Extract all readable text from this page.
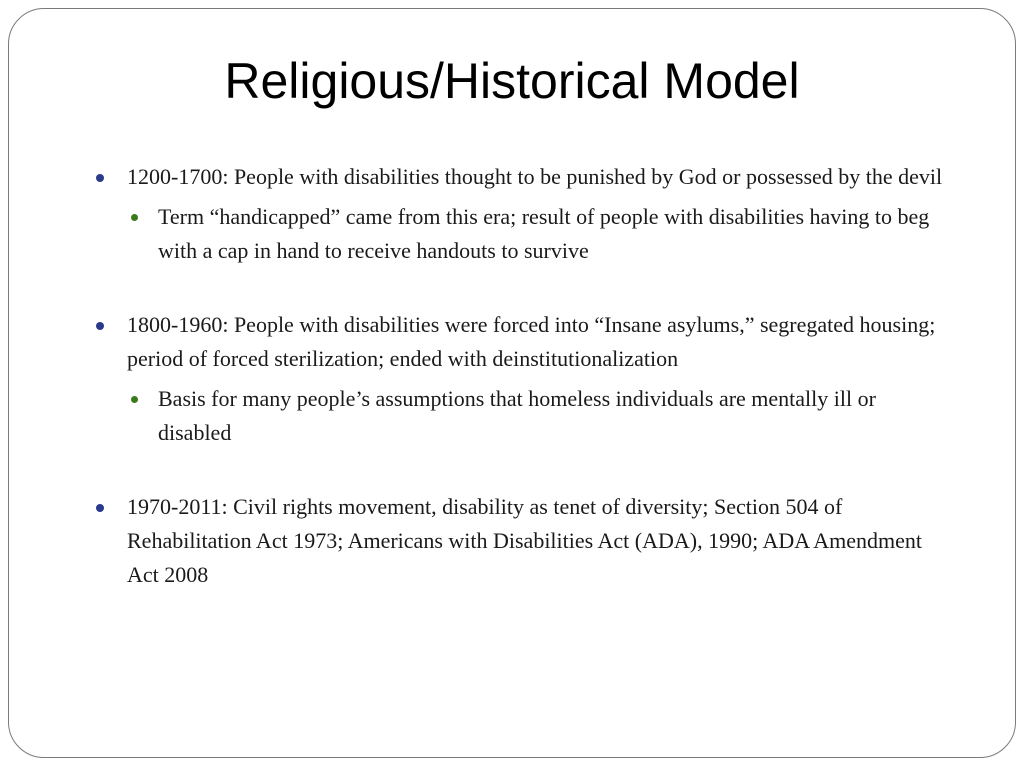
Religious/Historical Model
1200-1700: People with disabilities thought to be punished by God or possessed by the devil
Term “handicapped” came from this era; result of people with disabilities having to beg with a cap in hand to receive handouts to survive
1800-1960: People with disabilities were forced into “Insane asylums,” segregated housing; period of forced sterilization; ended with deinstitutionalization
Basis for many people’s assumptions that homeless individuals are mentally ill or disabled
1970-2011: Civil rights movement, disability as tenet of diversity; Section 504 of Rehabilitation Act 1973; Americans with Disabilities Act (ADA), 1990; ADA Amendment Act 2008
